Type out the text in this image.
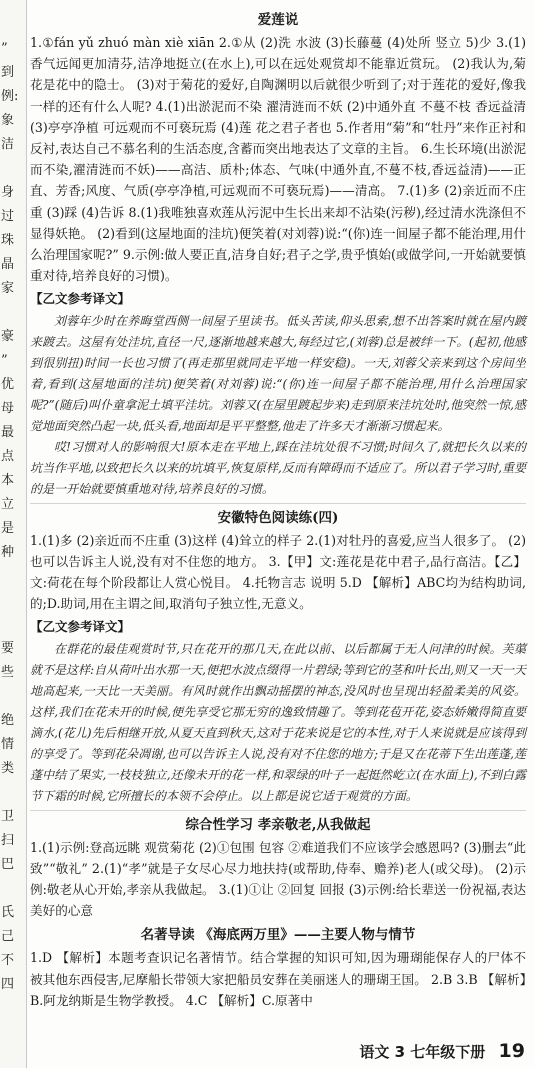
”
到
例:
象
洁
身
过
珠
晶
家
豪
”
优
母
最
点
本
立
是
种
要
些
绝
情
类
卫
扫
巴
氏
己
不
四
爱莲说

1.①fán yǔ zhuó màn xiè xiān 2.①从 (2)洗 水波 (3)长藤蔓 (4)处所 竖立 5)少 3.(1)香气远闻更加清芬,洁净地挺立(在水上),可以在远处观赏却不能靠近赏玩。 (2)我认为,菊花是花中的隐士。 (3)对于菊花的爱好,自陶渊明以后就很少听到了;对于莲花的爱好,像我一样的还有什么人呢? 4.(1)出淤泥而不染 濯清涟而不妖 (2)中通外直 不蔓不枝 香远益清 (3)亭亭净植 可远观而不可亵玩焉 (4)莲 花之君子者也 5.作者用“菊”和“牡丹”来作正衬和反衬,表达自己不慕名利的生活态度,含蓄而突出地表达了文章的主旨。 6.生长环境(出淤泥而不染,濯清涟而不妖)——高洁、质朴;体态、气味(中通外直,不蔓不枝,香远益清)——正直、芳香;风度、气质(亭亭净植,可远观而不可亵玩焉)——清高。 7.(1)多 (2)亲近而不庄重 (3)踩 (4)告诉 8.(1)我唯独喜欢莲从污泥中生长出来却不沾染(污秽),经过清水洗涤但不显得妖艳。 (2)看到(这屋地面的洼坑)便笑着(对刘蓉)说:“(你)连一间屋子都不能治理,用什么治理国家呢?” 9.示例:做人要正直,洁身自好;君子之学,贵乎慎始(或做学问,一开始就要慎重对待,培养良好的习惯)。

【乙文参考译文】

刘蓉年少时在养晦堂西侧一间屋子里读书。低头苦读,仰头思索,想不出答案时就在屋内踱来踱去。这屋有处洼坑,直径一尺,逐渐地越来越大,每经过它,(刘蓉)总是被绊一下。(起初,他感到很别扭)时间一长也习惯了(再走那里就同走平地一样安稳)。一天,刘蓉父亲来到这个房间坐着,看到(这屋地面的洼坑)便笑着(对刘蓉)说:“(你)连一间屋子都不能治理,用什么治理国家呢?”(随后)叫仆童拿泥土填平洼坑。刘蓉又(在屋里踱起步来)走到原来洼坑处时,他突然一惊,感觉地面突然凸起一块,低头看,地面却是平平整整,他走了许多天才渐渐习惯起来。

哎!习惯对人的影响很大!原本走在平地上,踩在洼坑处很不习惯;时间久了,就把长久以来的坑当作平地,以致把长久以来的坑填平,恢复原样,反而有障碍而不适应了。所以君子学习时,重要的是一开始就要慎重地对待,培养良好的习惯。

安徽特色阅读练(四)

1.(1)多 (2)亲近而不庄重 (3)这样 (4)耸立的样子 2.(1)对牡丹的喜爱,应当人很多了。 (2)也可以告诉主人说,没有对不住您的地方。 3.【甲】文:莲花是花中君子,品行高洁。【乙】文:荷花在每个阶段都让人赏心悦目。 4.托物言志 说明 5.D 【解析】ABC均为结构助词,的;D.助词,用在主谓之间,取消句子独立性,无意义。

【乙文参考译文】

在群花的最佳观赏时节,只在花开的那几天,在此以前、以后都属于无人问津的时候。芙蕖就不是这样:自从荷叶出水那一天,便把水波点缀得一片碧绿;等到它的茎和叶长出,则又一天一天地高起来,一天比一天美丽。有风时就作出飘动摇摆的神态,没风时也呈现出轻盈柔美的风姿。这样,我们在花未开的时候,便先享受它那无穷的逸致情趣了。等到花苞开花,姿态娇嫩得简直要滴水,(花儿)先后相继开放,从夏天直到秋天,这对于花来说是它的本性,对于人来说就是应该得到的享受了。等到花朵凋谢,也可以告诉主人说,没有对不住您的地方;于是又在花蒂下生出莲蓬,莲蓬中结了果实,一枝枝独立,还像未开的花一样,和翠绿的叶子一起挺然屹立(在水面上),不到白露节下霜的时候,它所擅长的本领不会停止。以上都是说它适于观赏的方面。

综合性学习 孝亲敬老,从我做起

1.(1)示例:登高远眺 观赏菊花 (2)①包围 包容 ②难道我们不应该学会感恩吗? (3)删去“此致”“敬礼” 2.(1)“孝”就是子女尽心尽力地扶持(或帮助,侍奉、赡养)老人(或父母)。 (2)示例:敬老从心开始,孝亲从我做起。 3.(1)①让 ②回复 回报 (3)示例:给长辈送一份祝福,表达美好的心意

名著导读 《海底两万里》——主要人物与情节

1.D 【解析】本题考查识记名著情节。结合掌握的知识可知,因为珊瑚能保存人的尸体不被其他东西侵害,尼摩船长带领大家把船员安葬在美丽迷人的珊瑚王国。 2.B 3.B 【解析】B.阿龙纳斯是生物学教授。 4.C 【解析】C.原著中

语文 3 七年级下册 19
